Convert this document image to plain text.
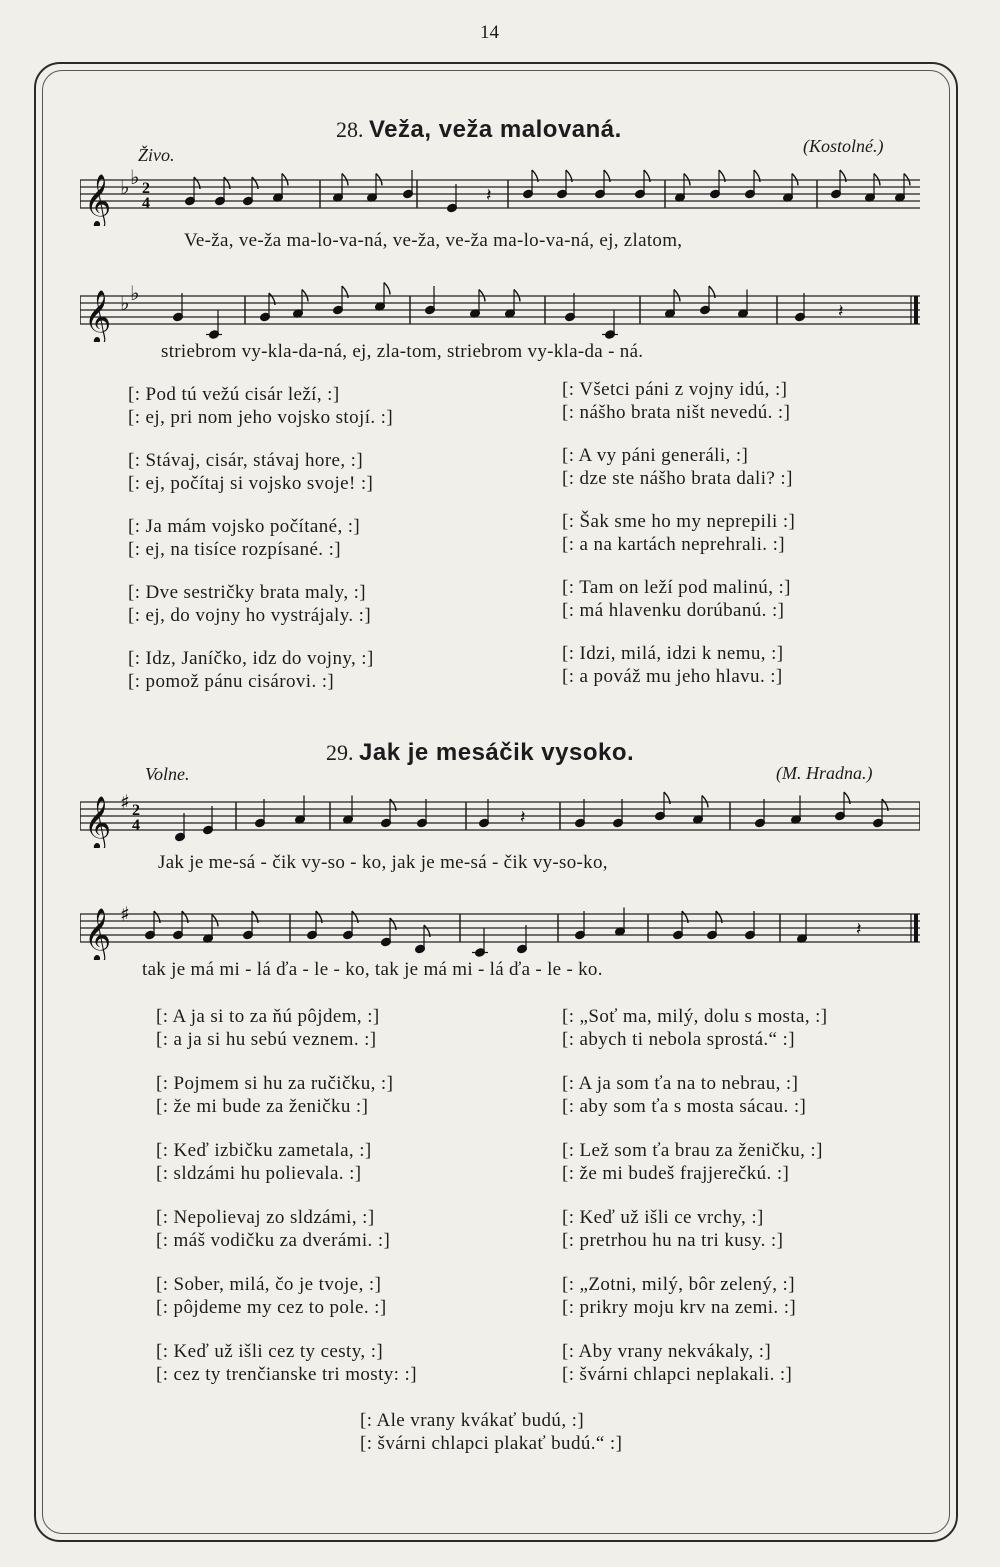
14
28. Veža, veža malovaná.
Živo.	(Kostolné.)
𝄞 ♭ ♭ 2
4	𝄽
Ve-ža, ve-ža ma-lo-va-ná, ve-ža, ve-ža ma-lo-va-ná, ej, zlatom,
𝄞 ♭ ♭
𝄽
striebrom vy-kla-da-ná, ej, zla-tom, striebrom vy-kla-da - ná.
[: Pod tú vežú cisár leží, :]
[: ej, pri nom jeho vojsko stojí. :]
[: Stávaj, cisár, stávaj hore, :]
[: ej, počítaj si vojsko svoje! :]
[: Ja mám vojsko počítané, :]
[: ej, na tisíce rozpísané. :]
[: Dve sestričky brata maly, :]
[: ej, do vojny ho vystrájaly. :]
[: Idz, Janíčko, idz do vojny, :]
[: pomož pánu cisárovi. :]
[: Všetci páni z vojny idú, :]
[: nášho brata ništ nevedú. :]
[: A vy páni generáli, :]
[: dze ste nášho brata dali? :]
[: Šak sme ho my neprepili :]
[: a na kartách neprehrali. :]
[: Tam on leží pod malinú, :]
[: má hlavenku dorúbanú. :]
[: Idzi, milá, idzi k nemu, :]
[: a pováž mu jeho hlavu. :]
29. Jak je mesáčik vysoko.
Volne.	(M. Hradna.)
𝄞 ♯ 2
4	𝄽
Jak je me-sá - čik vy-so - ko, jak je me-sá - čik vy-so-ko,
𝄞 ♯
𝄽
tak je má mi - lá ďa - le - ko, tak je má mi - lá ďa - le - ko.
[: A ja si to za ňú pôjdem, :]
[: a ja si hu sebú veznem. :]
[: Pojmem si hu za ručičku, :]
[: že mi bude za ženičku :]
[: Keď izbičku zametala, :]
[: sldzámi hu polievala. :]
[: Nepolievaj zo sldzámi, :]
[: máš vodičku za dverámi. :]
[: Sober, milá, čo je tvoje, :]
[: pôjdeme my cez to pole. :]
[: Keď už išli cez ty cesty, :]
[: cez ty trenčianske tri mosty: :]
[: „Soť ma, milý, dolu s mosta, :]
[: abych ti nebola sprostá.“ :]
[: A ja som ťa na to nebrau, :]
[: aby som ťa s mosta sácau. :]
[: Lež som ťa brau za ženičku, :]
[: že mi budeš frajjerečkú. :]
[: Keď už išli ce vrchy, :]
[: pretrhou hu na tri kusy. :]
[: „Zotni, milý, bôr zelený, :]
[: prikry moju krv na zemi. :]
[: Aby vrany nekvákaly, :]
[: švárni chlapci neplakali. :]
[: Ale vrany kvákať budú, :]
[: švárni chlapci plakať budú.“ :]
